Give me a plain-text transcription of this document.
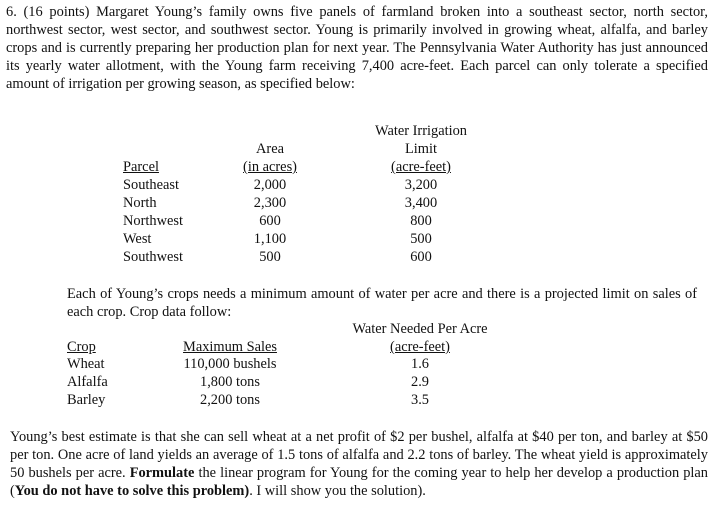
6. (16 points) Margaret Young’s family owns five panels of farmland broken into a southeast sector, north sector, northwest sector, west sector, and southwest sector. Young is primarily involved in growing wheat, alfalfa, and barley crops and is currently preparing her production plan for next year. The Pennsylvania Water Authority has just announced its yearly water allotment, with the Young farm receiving 7,400 acre-feet. Each parcel can only tolerate a specified amount of irrigation per growing season, as specified below:

Area
Water Irrigation
Limit
Parcel	(in acres)	(acre-feet)
Southeast	2,000	3,200
North	2,300	3,400
Northwest	600	800
West	1,100	500
Southwest	500	600

Each of Young’s crops needs a minimum amount of water per acre and there is a projected limit on sales of each crop. Crop data follow:

Water Needed Per Acre
Crop	Maximum Sales	(acre-feet)
Wheat	110,000 bushels	1.6
Alfalfa	1,800 tons	2.9
Barley	2,200 tons	3.5

Young’s best estimate is that she can sell wheat at a net profit of $2 per bushel, alfalfa at $40 per ton, and barley at $50 per ton. One acre of land yields an average of 1.5 tons of alfalfa and 2.2 tons of barley. The wheat yield is approximately 50 bushels per acre. Formulate the linear program for Young for the coming year to help her develop a production plan (You do not have to solve this problem). I will show you the solution).
